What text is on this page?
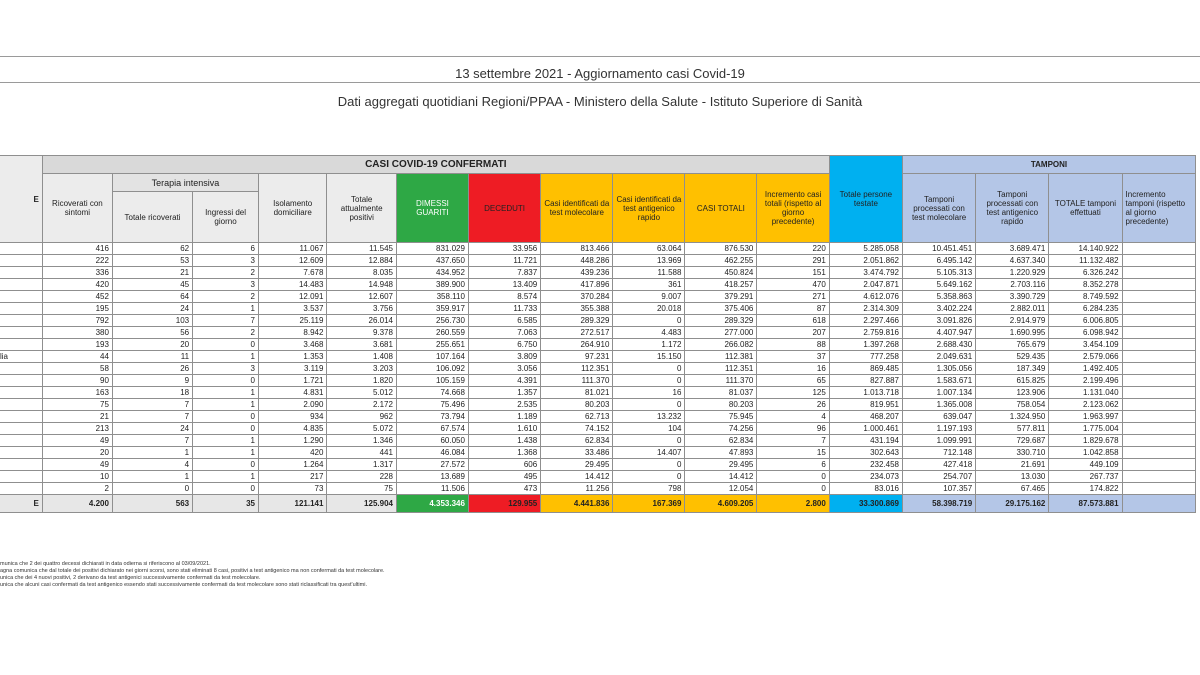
13 settembre 2021 - Aggiornamento casi Covid-19
Dati aggregati quotidiani Regioni/PPAA - Ministero della Salute - Istituto Superiore di Sanità
E	CASI COVID-19 CONFERMATI											Totale persone testate	TAMPONI			
	Ricoverati con sintomi	Terapia intensiva		Isolamento domiciliare	Totale attualmente positivi	DIMESSI GUARITI	DECEDUTI	Casi identificati da test molecolare	Casi identificati da test antigenico rapido	CASI TOTALI	Incremento casi totali (rispetto al giorno precedente)		Tamponi processati con test molecolare	Tamponi processati con test antigenico rapido	TOTALE tamponi effettuati	Incremento tamponi (rispetto al giorno precedente)
		Totale ricoverati	Ingressi del giorno													
	416	62	6	11.067	11.545	831.029	33.956	813.466	63.064	876.530	220	5.285.058	10.451.451	3.689.471	14.140.922	
	222	53	3	12.609	12.884	437.650	11.721	448.286	13.969	462.255	291	2.051.862	6.495.142	4.637.340	11.132.482	
	336	21	2	7.678	8.035	434.952	7.837	439.236	11.588	450.824	151	3.474.792	5.105.313	1.220.929	6.326.242	
	420	45	3	14.483	14.948	389.900	13.409	417.896	361	418.257	470	2.047.871	5.649.162	2.703.116	8.352.278	
	452	64	2	12.091	12.607	358.110	8.574	370.284	9.007	379.291	271	4.612.076	5.358.863	3.390.729	8.749.592	
	195	24	1	3.537	3.756	359.917	11.733	355.388	20.018	375.406	87	2.314.309	3.402.224	2.882.011	6.284.235	
	792	103	7	25.119	26.014	256.730	6.585	289.329	0	289.329	618	2.297.466	3.091.826	2.914.979	6.006.805	
	380	56	2	8.942	9.378	260.559	7.063	272.517	4.483	277.000	207	2.759.816	4.407.947	1.690.995	6.098.942	
	193	20	0	3.468	3.681	255.651	6.750	264.910	1.172	266.082	88	1.397.268	2.688.430	765.679	3.454.109	
lia	44	11	1	1.353	1.408	107.164	3.809	97.231	15.150	112.381	37	777.258	2.049.631	529.435	2.579.066	
	58	26	3	3.119	3.203	106.092	3.056	112.351	0	112.351	16	869.485	1.305.056	187.349	1.492.405	
	90	9	0	1.721	1.820	105.159	4.391	111.370	0	111.370	65	827.887	1.583.671	615.825	2.199.496	
	163	18	1	4.831	5.012	74.668	1.357	81.021	16	81.037	125	1.013.718	1.007.134	123.906	1.131.040	
	75	7	1	2.090	2.172	75.496	2.535	80.203	0	80.203	26	819.951	1.365.008	758.054	2.123.062	
	21	7	0	934	962	73.794	1.189	62.713	13.232	75.945	4	468.207	639.047	1.324.950	1.963.997	
	213	24	0	4.835	5.072	67.574	1.610	74.152	104	74.256	96	1.000.461	1.197.193	577.811	1.775.004	
	49	7	1	1.290	1.346	60.050	1.438	62.834	0	62.834	7	431.194	1.099.991	729.687	1.829.678	
	20	1	1	420	441	46.084	1.368	33.486	14.407	47.893	15	302.643	712.148	330.710	1.042.858	
	49	4	0	1.264	1.317	27.572	606	29.495	0	29.495	6	232.458	427.418	21.691	449.109	
	10	1	1	217	228	13.689	495	14.412	0	14.412	0	234.073	254.707	13.030	267.737	
	2	0	0	73	75	11.506	473	11.256	798	12.054	0	83.016	107.357	67.465	174.822	
E	4.200	563	35	121.141	125.904	4.353.346	129.955	4.441.836	167.369	4.609.205	2.800	33.300.869	58.398.719	29.175.162	87.573.881	
municа che 2 dei quattro decessi dichiarati in data odierna si riferiscono al 03/09/2021.
agna comunica che dal totale dei positivi dichiarato nei giorni scorsi, sono stati eliminati 8 casi, positivi a test antigenico ma non confermati da test molecolare.
unica che dei 4 nuovi positivi, 2 derivano da test antigenici successivamente confermati da test molecolare.
unica che alcuni casi confermati da test antigenico essendo stati successivamente confermati da test molecolare sono stati riclassificati tra quest'ultimi.
